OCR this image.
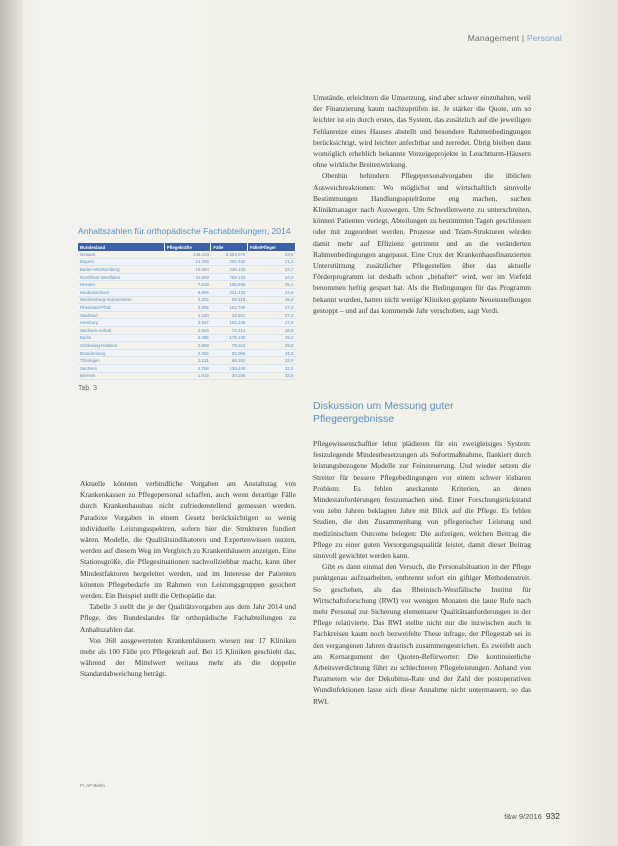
Management | Personal

Umstände, erleichtern die Umsetzung, sind aber schwer einzuhalten, weil der Finanzierung kaum nachzuprüfen ist. Je stärker die Quote, um so leichter ist ein durch erstes, das System, das zusätzlich auf die jeweiligen Fehlanreize eines Hauses abstellt und besondere Rahmenbedingungen berücksichtigt, wird leichter anfechtbar und zerredet. Übrig bleiben dann womöglich erheblich bekannte Vorzeigeprojekte in Leuchtturm-Häusern ohne wirkliche Breitenwirkung.

Obenhin behindern Pflegepersonalvorgaben die üblichen Ausweichreaktionen: Wo möglichst und wirtschaftlich sinnvolle Bestimmungen Handlungsspielräume eng machen, suchen Klinikmanager nach Auswegen. Um Schwellenwerte zu unterschreiten, können Patienten verlegt, Abteilungen zu bestimmten Tagen geschlossen oder mit zugeordnet werden. Prozesse und Team-Strukturen würden damit mehr auf Effizienz getrimmt und an die veränderten Rahmenbedingungen angepasst. Eine Crux der Krankenhausfinanzierten Unterstützung zusätzlicher Pflegestellen über das aktuelle Förderprogramm ist deshalb schon „behaftet“ wird, wer im Vorfeld benommen heftig gespart hat. Als die Bedingungen für das Programm bekannt wurden, hatten nicht wenige Kliniken geplante Neueinstellungen gestoppt – und auf das kommende Jahr verschoben, sagt Verdi.

Anhaltszahlen für orthopädische Fachabteilungen, 2014
Bundesland	Pflegekräfte	Fälle	Fälle/Pfleger
Gesamt	144.410	3.393.071	23,5
Bayern	12.335	260.462	21,1
Baden-Württemberg	10.394	246.120	23,7
Nordrhein-Westfalen	31.669	759.133	24,0
Hessen	7.619	190.960	25,1
Niedersachsen	8.995	221.433	24,6
Mecklenburg-Vorpommern	2.332	58.218	25,0
Rheinland-Pfalz	3.805	103.705	27,3
Saarland	1.220	33.261	27,3
Hamburg	3.637	100.246	27,6
Sachsen-Anhalt	2.504	72.214	28,8
Berlin	6.095	178.100	29,2
Schleswig-Holstein	2.659	79.154	29,8
Brandenburg	2.065	65.066	31,5
Thüringen	2.131	68.182	32,0
Sachsen	4.258	136.440	32,0
Bremen	1.019	33.185	32,6
Tab. 3
Diskussion um Messung guter Pflegeergebnisse

Pflegewissenschaftler lehnt plädieren für ein zweigleisiges System: festzulegende Mindestbesetzungen als Sofortmaßnahme, flankiert durch leistungsbezogene Modelle zur Feinsteuerung. Und wieder setzen die Streiter für bessere Pflegebedingungen vor einem schwer lösbaren Problem: Es fehlen anerkannte Kriterien, an denen Mindestanforderungen festzumachen sind. Einer Forschungsrückstand von zehn Jahren beklagten Jahre mit Blick auf die Pflege. Es fehlen Studien, die den Zusammenhang von pflegerischer Leistung und medizinischem Outcome belegen: Die aufzeigen, welchen Beitrag die Pflege zu einer guten Versorgungsqualität leistet, damit dieser Beitrag sinnvoll gewichtet werden kann.

Gibt es dann einmal den Versuch, die Personalsituation in der Pflege punktgenau aufzuarbeiten, entbrennt sofort ein giftiger Methodenstreit. So geschehen, als das Rheinisch-Westfälische Institut für Wirtschaftsforschung (RWI) vor wenigen Monaten die laute Rufe nach mehr Personal zur Sicherung elementarer Qualitätsanforderungen in der Pflege relativierte. Das RWI stellte nicht nur die inzwischen auch in Fachkreisen kaum noch bezweifelte These infrage, der Pflegestab sei in den vergangenen Jahren drastisch zusammengestrichen. Es zweifelt auch am Kernargument der Quoten-Befürworter: Die kontinuierliche Arbeitsverdichtung führt zu schlechteren Pflegeleistungen. Anhand von Parametern wie der Dekubitus-Rate und der Zahl der postoperativen Wundinfektionen lasse sich diese Annahme nicht untermauern, so das RWI.

Aktuelle könnten verbindliche Vorgaben am Anstaltstag von Krankenkassen zu Pflegepersonal schaffen, auch wenn derartige Fälle durch Krankenhausbau nicht zufriedenstellend gemessen werden. Paradoxe Vorgaben in einem Gesetz berücksichtigen so wenig individuelle Leistungsspektren, sofern hier die Strukturen fundiert wären. Modelle, die Qualitätsindikatoren und Expertenwissen nutzen, werden auf diesem Weg im Vergleich zu Krankenhäusern anzeigen. Eine Stationsgröße, die Pflegesituationen nachvollziehbar macht, kann über Mindestfaktoren hergeleitet werden, und im Interesse der Patienten könnten Pflegebedarfe im Rahmen von Leistungsgruppen gesichert werden. Ein Beispiel stellt die Orthopädie dar.

Tabelle 3 stellt die je der Qualitätsvorgaben aus dem Jahr 2014 und Pflege, des Bundeslandes für orthopädische Fachabteilungen zu Anhaltszahlen dar.

Von 368 ausgewerteten Krankenhäusern wiesen nur 17 Kliniken mehr als 100 Fälle pro Pflegekraft auf. Bei 15 Kliniken geschieht das, während der Mittelwert weitaus mehr als die doppelte Standardabweichung beträgt.

Fr. AP Berlin
f&w 9/2016 932
